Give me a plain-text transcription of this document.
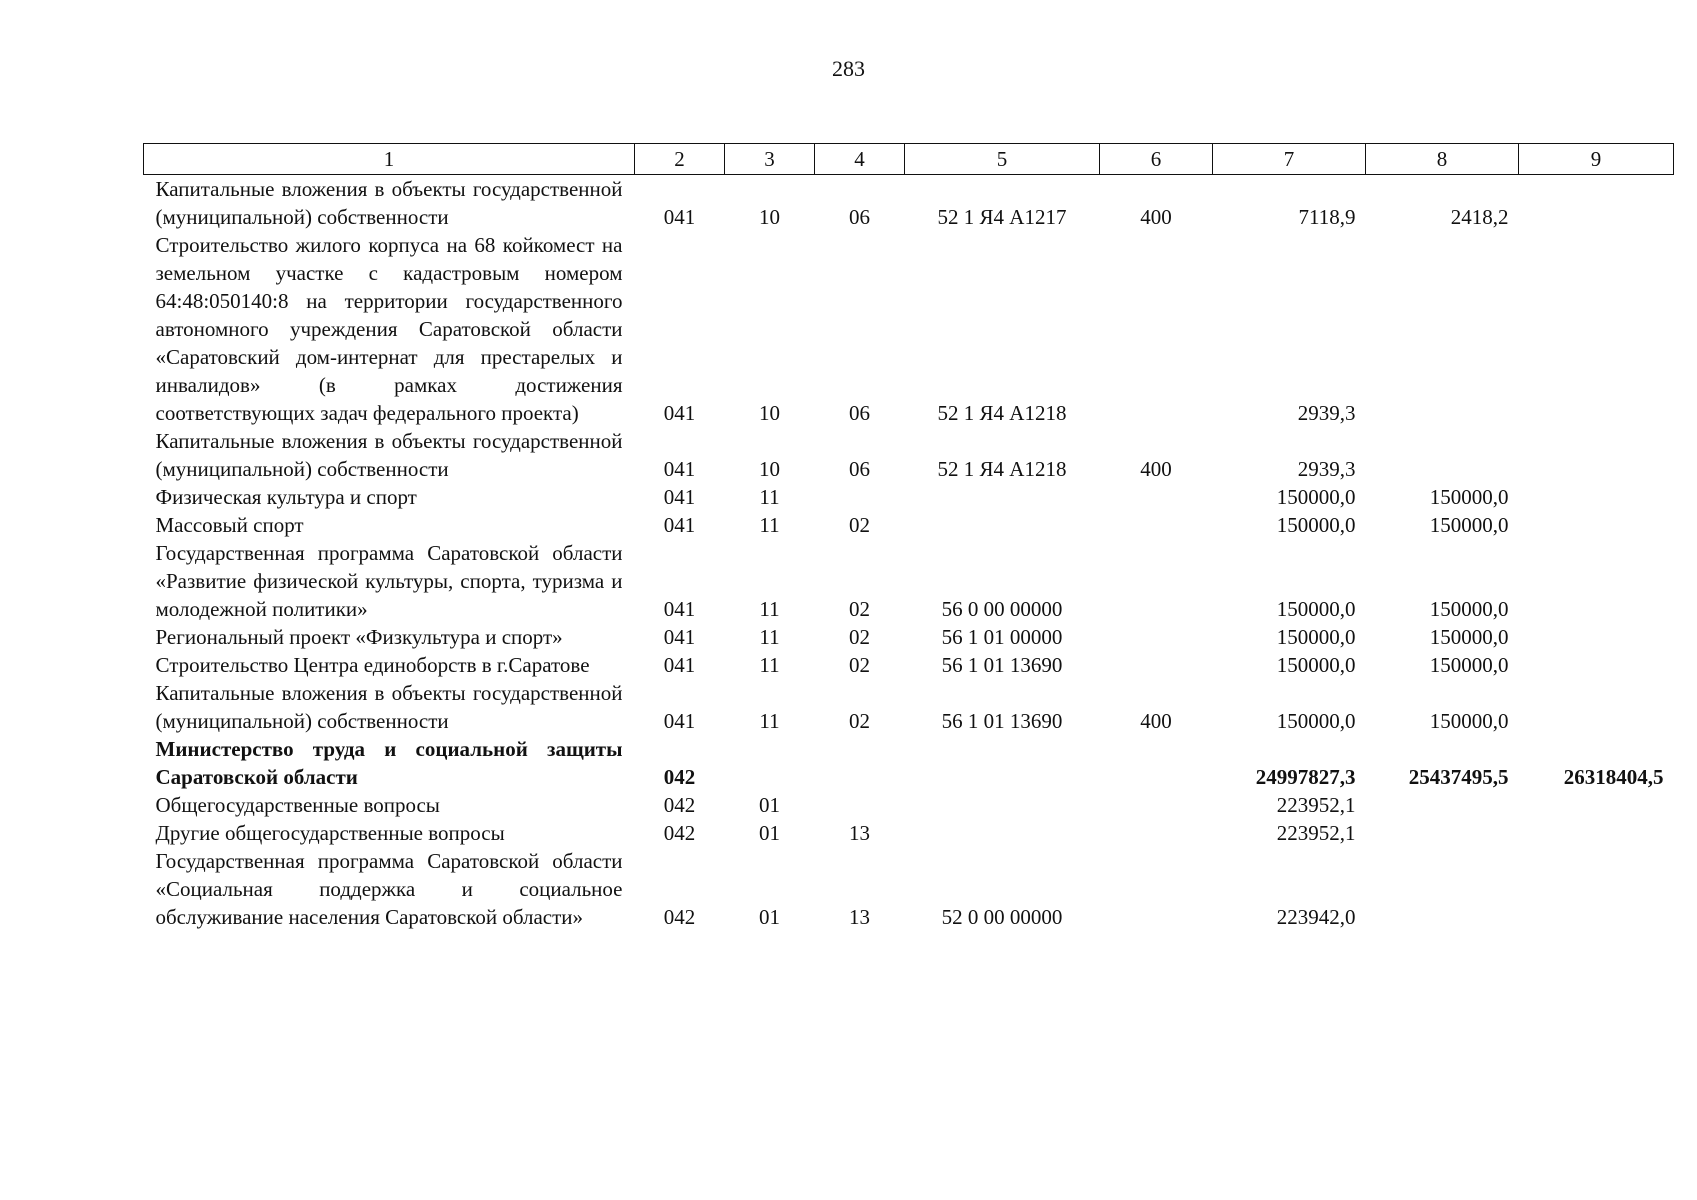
283
1	2	3	4	5	6	7	8	9
Капитальные вложения в объекты государственной (муниципальной) собственности	041	10	06	52 1 Я4 А1217	400	7118,9	2418,2	
Строительство жилого корпуса на 68 койкомест на земельном участке с кадастровым номером 64:48:050140:8 на территории государственного автономного учреждения Саратовской области «Саратовский дом-интернат для престарелых и инвалидов» (в рамках достижения соответствующих задач федерального проекта)	041	10	06	52 1 Я4 А1218		2939,3		
Капитальные вложения в объекты государственной (муниципальной) собственности	041	10	06	52 1 Я4 А1218	400	2939,3		
Физическая культура и спорт	041	11				150000,0	150000,0	
Массовый спорт	041	11	02			150000,0	150000,0	
Государственная программа Саратовской области «Развитие физической культуры, спорта, туризма и молодежной политики»	041	11	02	56 0 00 00000		150000,0	150000,0	
Региональный проект «Физкультура и спорт»	041	11	02	56 1 01 00000		150000,0	150000,0	
Строительство Центра единоборств в г.Саратове	041	11	02	56 1 01 13690		150000,0	150000,0	
Капитальные вложения в объекты государственной (муниципальной) собственности	041	11	02	56 1 01 13690	400	150000,0	150000,0	
Министерство труда и социальной защиты Саратовской области	042					24997827,3	25437495,5	26318404,5
Общегосударственные вопросы	042	01				223952,1		
Другие общегосударственные вопросы	042	01	13			223952,1		
Государственная программа Саратовской области «Социальная поддержка и социальное обслуживание населения Саратовской области»	042	01	13	52 0 00 00000		223942,0		
